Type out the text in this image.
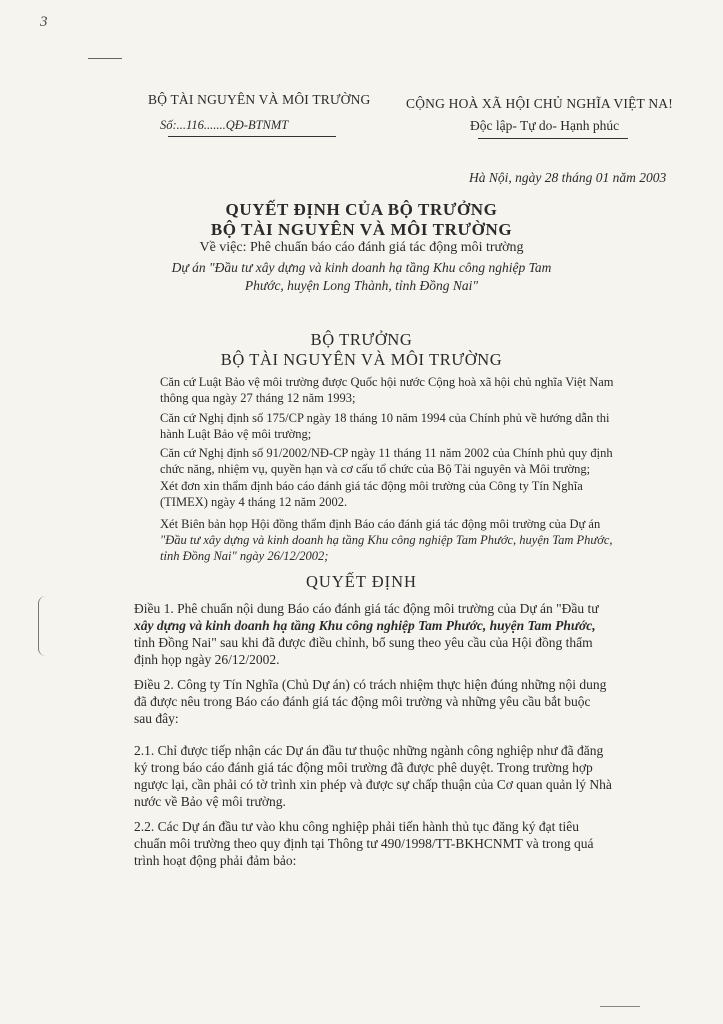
3
BỘ TÀI NGUYÊN VÀ MÔI TRƯỜNG
Số:...116.......QĐ-BTNMT
CỘNG HOÀ XÃ HỘI CHỦ NGHĨA VIỆT NA!
Độc lập- Tự do- Hạnh phúc
Hà Nội, ngày 28 tháng 01 năm 2003
QUYẾT ĐỊNH CỦA BỘ TRƯỞNG
BỘ TÀI NGUYÊN VÀ MÔI TRƯỜNG
Về việc: Phê chuẩn báo cáo đánh giá tác động môi trường
Dự án "Đầu tư xây dựng và kinh doanh hạ tầng Khu công nghiệp Tam
Phước, huyện Long Thành, tỉnh Đồng Nai"
BỘ TRƯỞNG
BỘ TÀI NGUYÊN VÀ MÔI TRƯỜNG
Căn cứ Luật Bảo vệ môi trường được Quốc hội nước Cộng hoà xã hội chủ nghĩa Việt Nam
thông qua ngày 27 tháng 12 năm 1993;
Căn cứ Nghị định số 175/CP ngày 18 tháng 10 năm 1994 của Chính phủ về hướng dẫn thi
hành Luật Bảo vệ môi trường;
Căn cứ Nghị định số 91/2002/NĐ-CP ngày 11 tháng 11 năm 2002 của Chính phủ quy định
chức năng, nhiệm vụ, quyền hạn và cơ cấu tổ chức của Bộ Tài nguyên và Môi trường;
Xét đơn xin thẩm định báo cáo đánh giá tác động môi trường của Công ty Tín Nghĩa
(TIMEX) ngày 4 tháng 12 năm 2002.
Xét Biên bản họp Hội đồng thẩm định Báo cáo đánh giá tác động môi trường của Dự án
"Đầu tư xây dựng và kinh doanh hạ tầng Khu công nghiệp Tam Phước, huyện Tam Phước,
tỉnh Đồng Nai" ngày 26/12/2002;
QUYẾT ĐỊNH
Điều 1. Phê chuẩn nội dung Báo cáo đánh giá tác động môi trường của Dự án "Đầu tư
xây dựng và kinh doanh hạ tầng Khu công nghiệp Tam Phước, huyện Tam Phước,
tỉnh Đồng Nai" sau khi đã được điều chỉnh, bổ sung theo yêu cầu của Hội đồng thẩm
định họp ngày 26/12/2002.
Điều 2. Công ty Tín Nghĩa (Chủ Dự án) có trách nhiệm thực hiện đúng những nội dung
đã được nêu trong Báo cáo đánh giá tác động môi trường và những yêu cầu bắt buộc
sau đây:
2.1. Chỉ được tiếp nhận các Dự án đầu tư thuộc những ngành công nghiệp như đã đăng
ký trong báo cáo đánh giá tác động môi trường đã được phê duyệt. Trong trường hợp
ngược lại, cần phải có tờ trình xin phép và được sự chấp thuận của Cơ quan quản lý Nhà
nước về Bảo vệ môi trường.
2.2. Các Dự án đầu tư vào khu công nghiệp phải tiến hành thủ tục đăng ký đạt tiêu
chuẩn môi trường theo quy định tại Thông tư 490/1998/TT-BKHCNMT và trong quá
trình hoạt động phải đảm bảo:
